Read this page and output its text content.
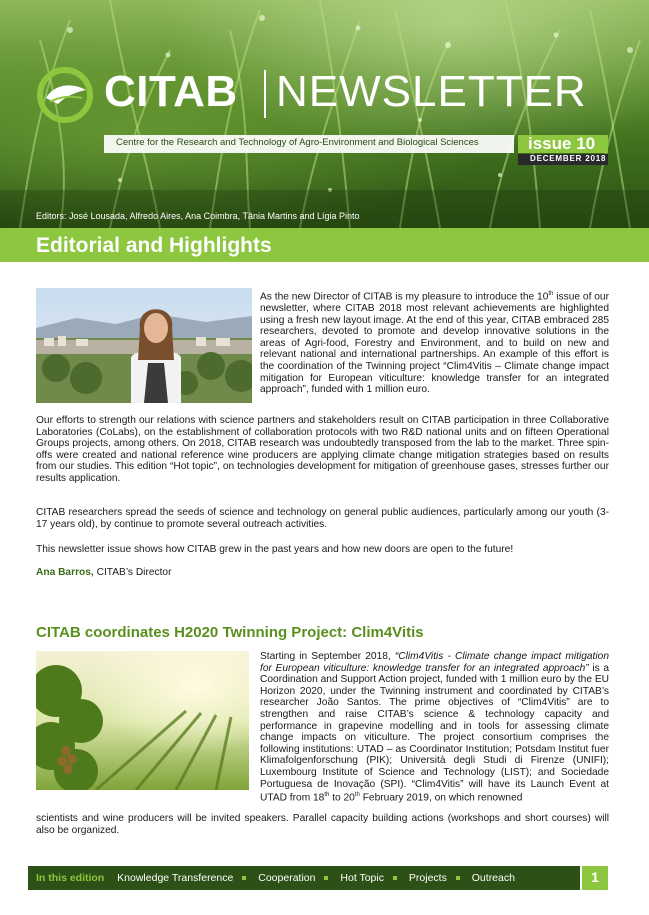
CITAB NEWSLETTER
Centre for the Research and Technology of Agro-Environment and Biological Sciences	issue 10
DECEMBER 2018
Editors: José Lousada, Alfredo Aires, Ana Coimbra, Tânia Martins and Lígia Pinto
Editorial and Highlights

As the new Director of CITAB is my pleasure to introduce the 10th issue of our newsletter, where CITAB 2018 most relevant achievements are highlighted using a fresh new layout image. At the end of this year, CITAB embraced 285 researchers, devoted to promote and develop innovative solutions in the areas of Agri-food, Forestry and Environment, and to build on new and relevant national and international partnerships. An example of this effort is the coordination of the Twinning project “Clim4Vitis – Climate change impact mitigation for European viticulture: knowledge transfer for an integrated approach”, funded with 1 million euro.

Our efforts to strength our relations with science partners and stakeholders result on CITAB participation in three Collaborative Laboratories (CoLabs), on the establishment of collaboration protocols with two R&D national units and on fifteen Operational Groups projects, among others. On 2018, CITAB research was undoubtedly transposed from the lab to the market. Three spin-offs were created and national reference wine producers are applying climate change mitigation strategies based on results from our studies. This edition “Hot topic”, on technologies development for mitigation of greenhouse gases, stresses further our results application.

CITAB researchers spread the seeds of science and technology on general public audiences, particularly among our youth (3-17 years old), by continue to promote several outreach activities.

This newsletter issue shows how CITAB grew in the past years and how new doors are open to the future!

Ana Barros, CITAB’s Director
CITAB coordinates H2020 Twinning Project: Clim4Vitis

Starting in September 2018, “Clim4Vitis - Climate change impact mitigation for European viticulture: knowledge transfer for an integrated approach” is a Coordination and Support Action project, funded with 1 million euro by the EU Horizon 2020, under the Twinning instrument and coordinated by CITAB’s researcher João Santos. The prime objectives of “Clim4Vitis” are to strengthen and raise CITAB’s science & technology capacity and performance in grapevine modelling and in tools for assessing climate change impacts on viticulture. The project consortium comprises the following institutions: UTAD – as Coordinator Institution; Potsdam Institut fuer Klimafolgenforschung (PIK); Università degli Studi di Firenze (UNIFI); Luxembourg Institute of Science and Technology (LIST); and Sociedade Portuguesa de Inovação (SPI). “Clim4Vitis” will have its Launch Event at UTAD from 18th to 20th February 2019, on which renowned

scientists and wine producers will be invited speakers. Parallel capacity building actions (workshops and short courses) will also be organized.

In this edition Knowledge Transference Cooperation Hot Topic Projects Outreach	1
